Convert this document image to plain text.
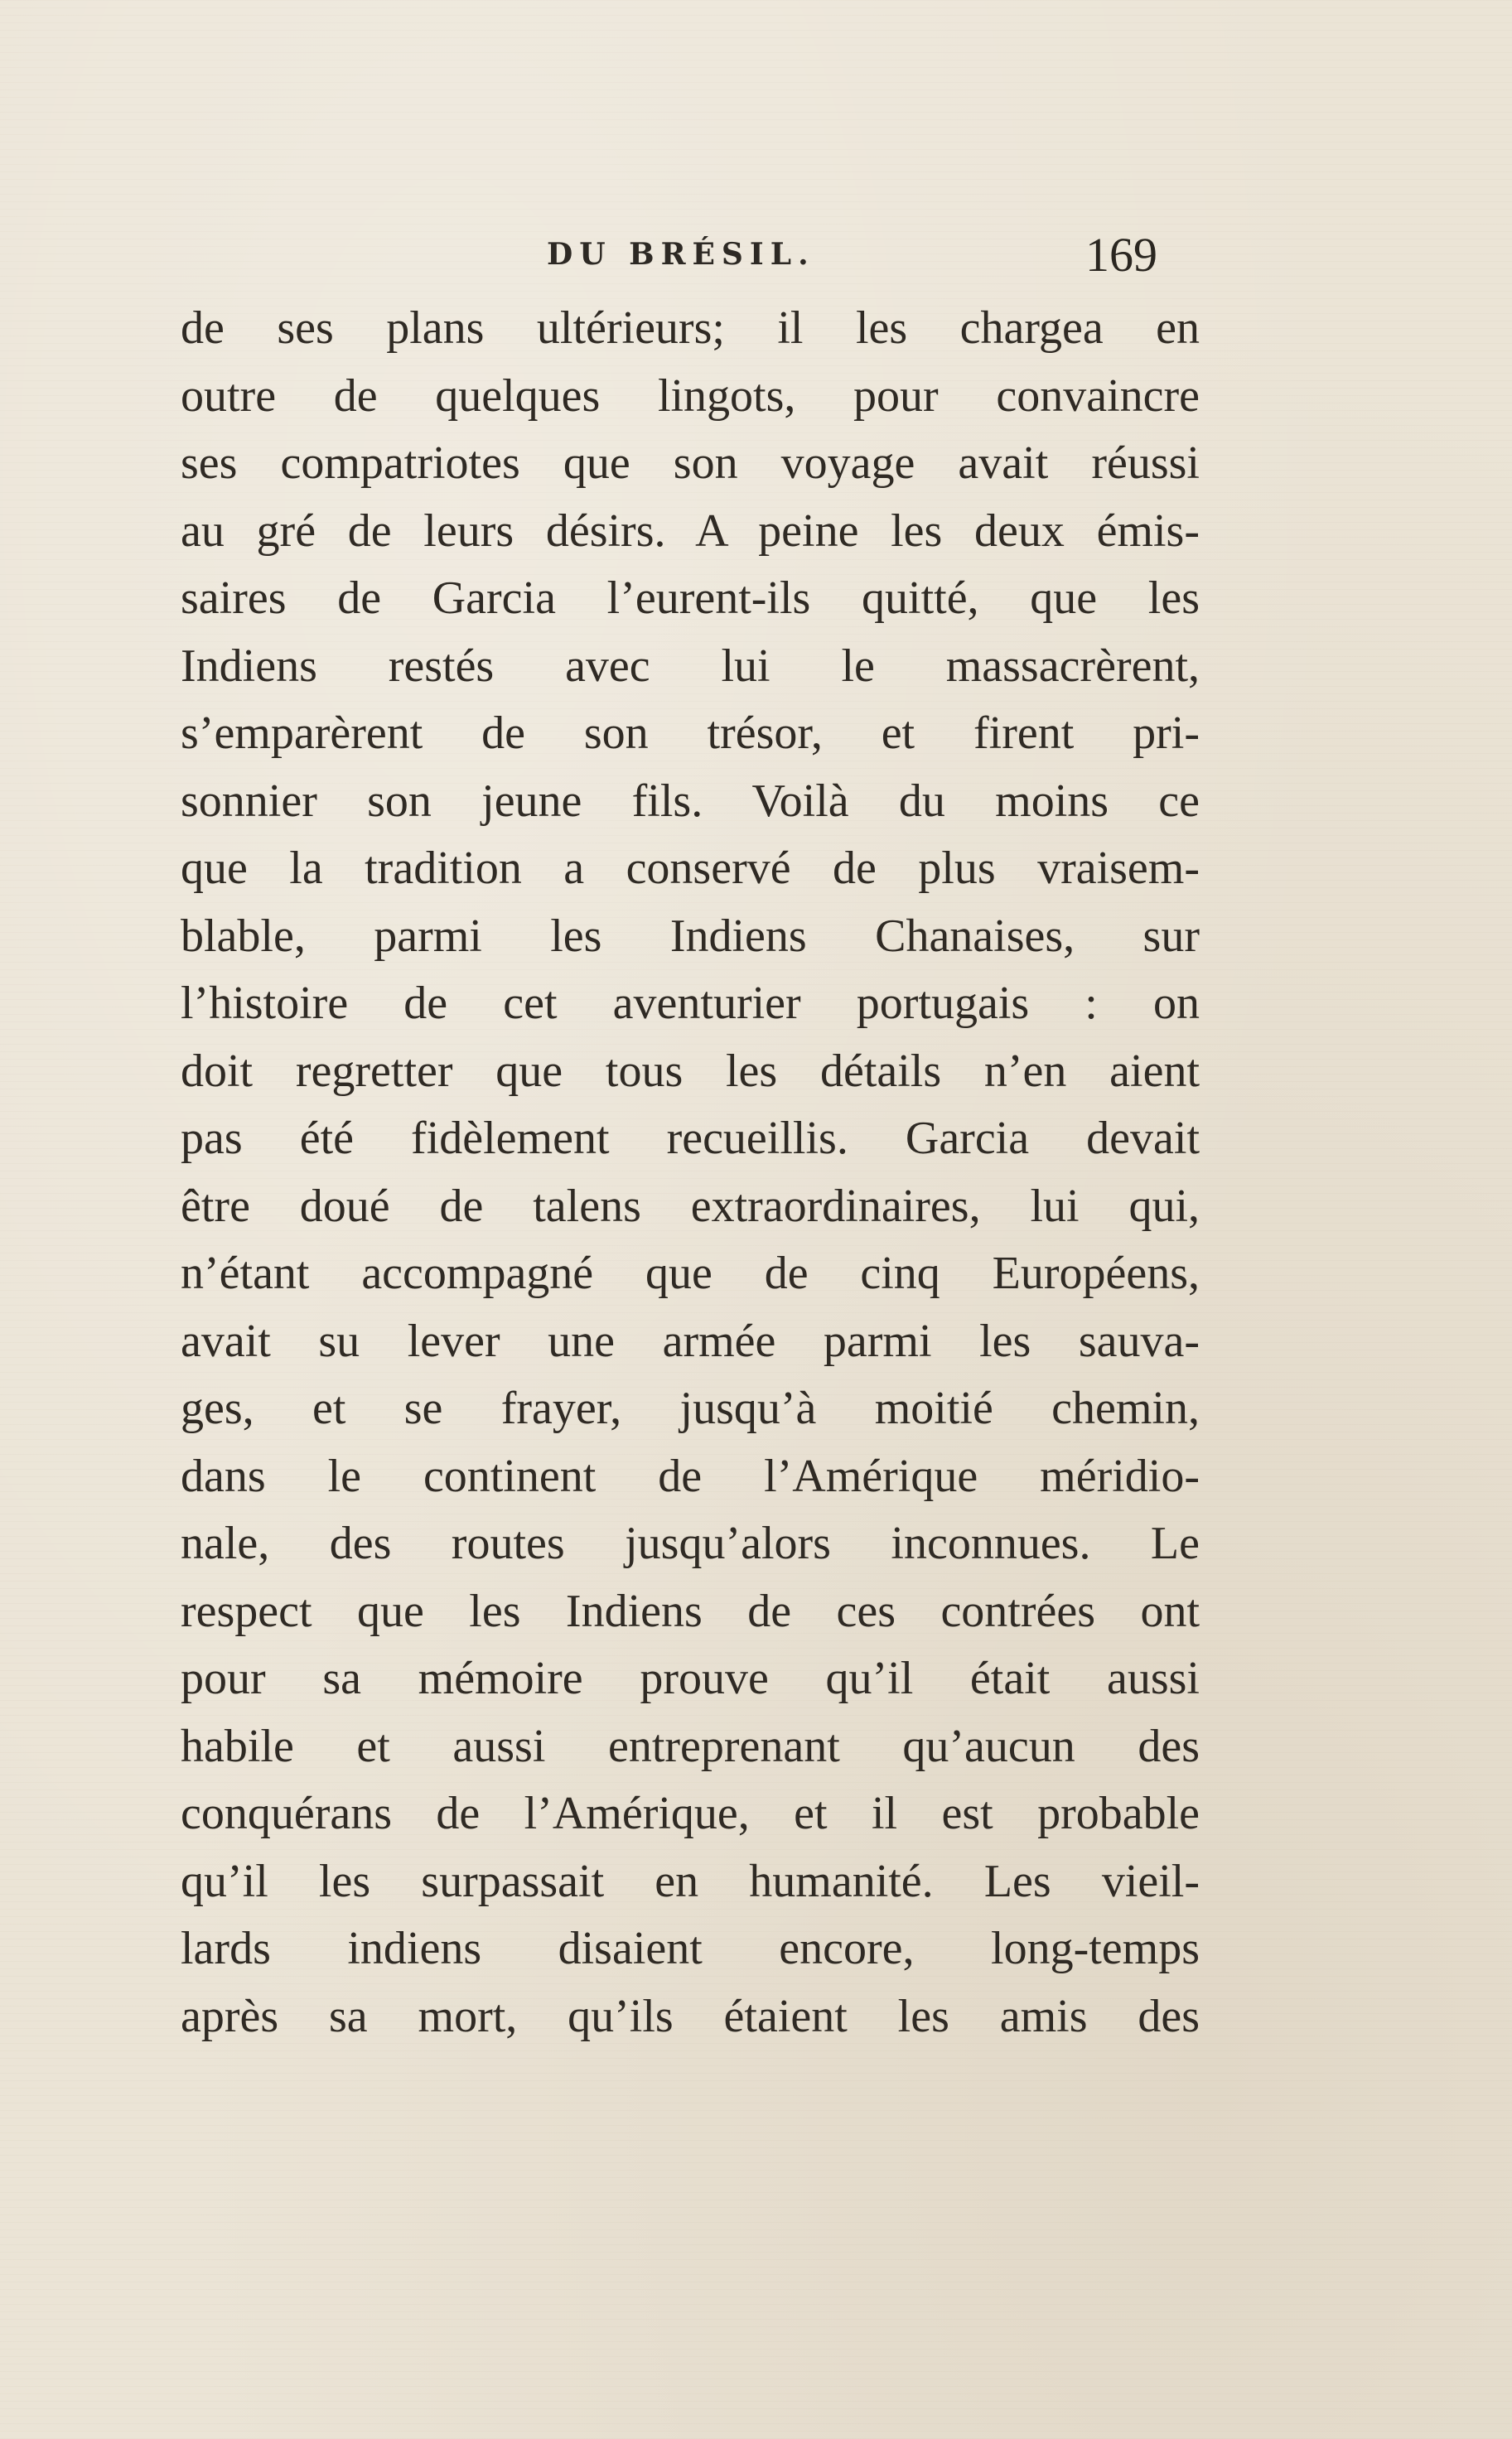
DU BRÉSIL.	169
de ses plans ultérieurs; il les chargea en
outre de quelques lingots, pour convaincre
ses compatriotes que son voyage avait réussi
au gré de leurs désirs. A peine les deux émis-
saires de Garcia l’eurent-ils quitté, que les
Indiens restés avec lui le massacrèrent,
s’emparèrent de son trésor, et firent pri-
sonnier son jeune fils. Voilà du moins ce
que la tradition a conservé de plus vraisem-
blable, parmi les Indiens Chanaises, sur
l’histoire de cet aventurier portugais : on
doit regretter que tous les détails n’en aient
pas été fidèlement recueillis. Garcia devait
être doué de talens extraordinaires, lui qui,
n’étant accompagné que de cinq Européens,
avait su lever une armée parmi les sauva-
ges, et se frayer, jusqu’à moitié chemin,
dans le continent de l’Amérique méridio-
nale, des routes jusqu’alors inconnues. Le
respect que les Indiens de ces contrées ont
pour sa mémoire prouve qu’il était aussi
habile et aussi entreprenant qu’aucun des
conquérans de l’Amérique, et il est probable
qu’il les surpassait en humanité. Les vieil-
lards indiens disaient encore, long-temps
après sa mort, qu’ils étaient les amis des
